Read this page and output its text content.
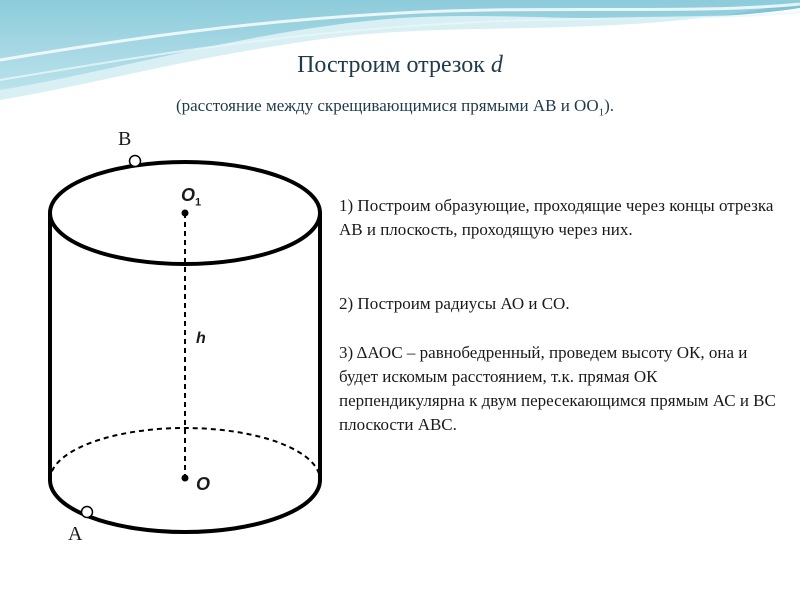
Построим отрезок d
(расстояние между скрещивающимися прямыми АВ и $ОО_1$).
B
A
$O_1$
h
O
1) Построим образующие, проходящие через концы отрезка АВ и плоскость, проходящую через них.
2) Построим радиусы АО и СО.
3) ΔАОС – равнобедренный, проведем высоту ОК, она и будет искомым расстоянием, т.к. прямая ОК перпендикулярна к двум пересекающимся прямым АС и ВС плоскости АВС.
